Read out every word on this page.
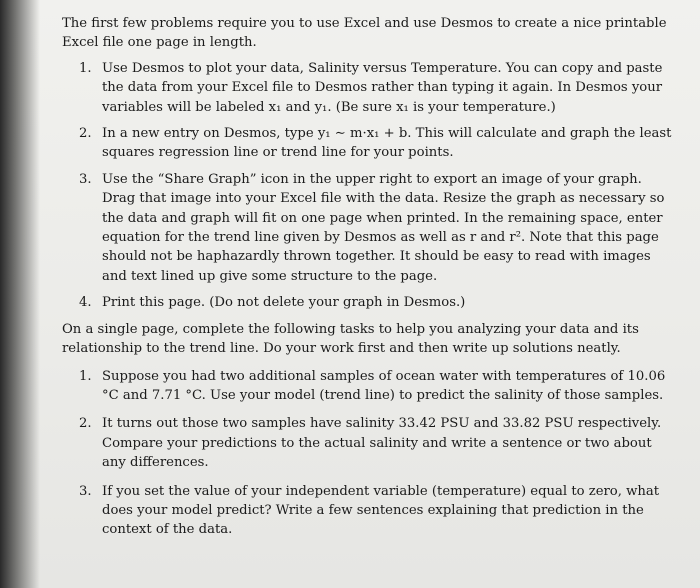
The first few problems require you to use Excel and use Desmos to create a nice printable Excel file one page in length.

1. Use Desmos to plot your data, Salinity versus Temperature. You can copy and paste the data from your Excel file to Desmos rather than typing it again. In Desmos your variables will be labeled x₁ and y₁. (Be sure x₁ is your temperature.)
2. In a new entry on Desmos, type y₁ ∼ m·x₁ + b. This will calculate and graph the least squares regression line or trend line for your points.
3. Use the “Share Graph” icon in the upper right to export an image of your graph. Drag that image into your Excel file with the data. Resize the graph as necessary so the data and graph will fit on one page when printed. In the remaining space, enter equation for the trend line given by Desmos as well as r and r². Note that this page should not be haphazardly thrown together. It should be easy to read with images and text lined up give some structure to the page.
4. Print this page. (Do not delete your graph in Desmos.)

On a single page, complete the following tasks to help you analyzing your data and its relationship to the trend line. Do your work first and then write up solutions neatly.

1. Suppose you had two additional samples of ocean water with temperatures of 10.06 °C and 7.71 °C. Use your model (trend line) to predict the salinity of those samples.
2. It turns out those two samples have salinity 33.42 PSU and 33.82 PSU respectively. Compare your predictions to the actual salinity and write a sentence or two about any differences.
3. If you set the value of your independent variable (temperature) equal to zero, what does your model predict? Write a few sentences explaining that prediction in the context of the data.
